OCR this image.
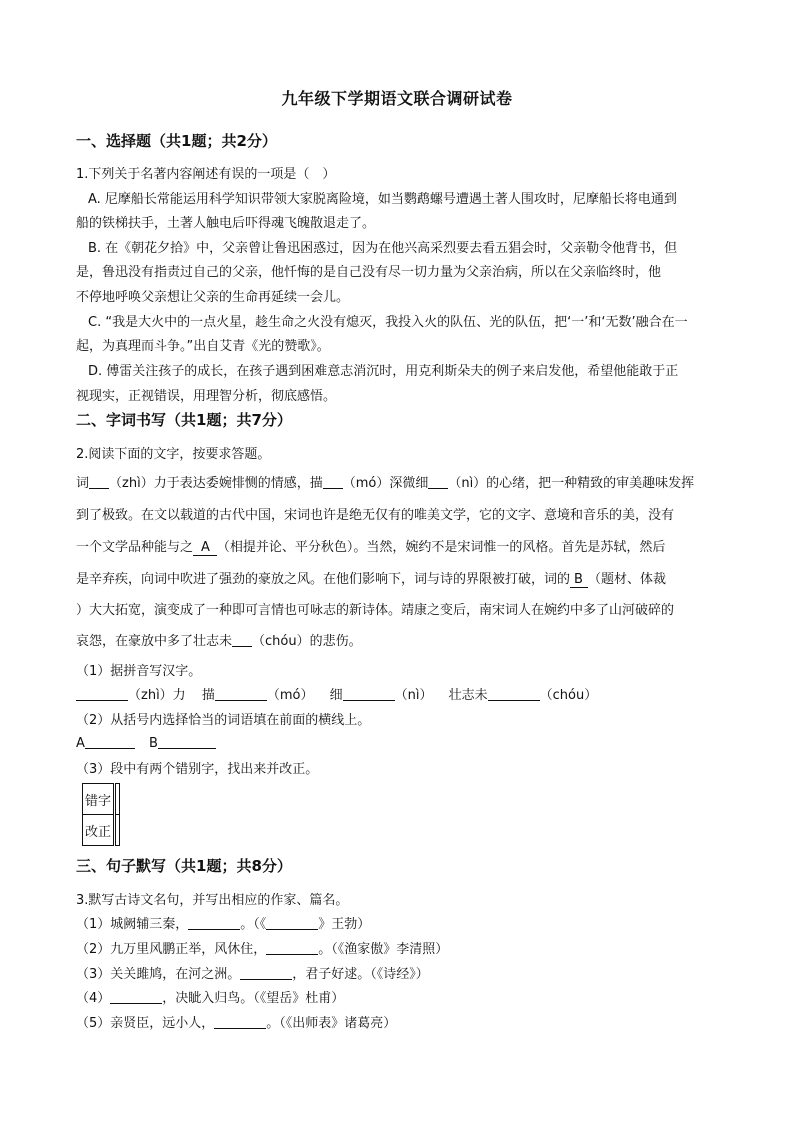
九年级下学期语文联合调研试卷
一、选择题（共1题；共2分）
1.下列关于名著内容阐述有误的一项是（　）
A. 尼摩船长常能运用科学知识带领大家脱离险境，如当鹦鹉螺号遭遇土著人围攻时，尼摩船长将电通到
船的铁梯扶手，土著人触电后吓得魂飞魄散退走了。
B. 在《朝花夕拾》中，父亲曾让鲁迅困惑过，因为在他兴高采烈要去看五猖会时，父亲勒令他背书，但
是，鲁迅没有指责过自己的父亲，他忏悔的是自己没有尽一切力量为父亲治病，所以在父亲临终时，他
不停地呼唤父亲想让父亲的生命再延续一会儿。
C. “我是大火中的一点火星，趁生命之火没有熄灭，我投入火的队伍、光的队伍，把‘一’和‘无数’融合在一
起，为真理而斗争。”出自艾青《光的赞歌》。
D. 傅雷关注孩子的成长，在孩子遇到困难意志消沉时，用克利斯朵夫的例子来启发他，希望他能敢于正
视现实，正视错误，用理智分析，彻底感悟。
二、字词书写（共1题；共7分）
2.阅读下面的文字，按要求答题。
词 （zhì）力于表达委婉悱恻的情感，描 （mó）深微细 （nì）的心绪，把一种精致的审美趣味发挥
到了极致。在文以载道的古代中国，宋词也许是绝无仅有的唯美文学，它的文字、意境和音乐的美，没有
一个文学品种能与之 A （相提并论、平分秋色）。当然，婉约不是宋词惟一的风格。首先是苏轼，然后
是辛弃疾，向词中吹进了强劲的豪放之风。在他们影响下，词与诗的界限被打破，词的 B （题材、体裁
）大大拓宽，演变成了一种即可言情也可咏志的新诗体。靖康之变后，南宋词人在婉约中多了山河破碎的
哀怨，在豪放中多了壮志未 （chóu）的悲伤。
（1）据拼音写汉字。
（zhì）力 描	（mó） 细	（nì） 壮志未	（chóu）
（2）从括号内选择恰当的词语填在前面的横线上。
A	B
（3）段中有两个错别字，找出来并改正。
错字	
改正	
三、句子默写（共1题；共8分）
3.默写古诗文名句，并写出相应的作家、篇名。
（1）城阙辅三秦，	。（《	》王勃）
（2）九万里风鹏正举，风休住，	。（《渔家傲》李清照）
（3）关关雎鸠，在河之洲。	，君子好逑。（《诗经》）
（4）	，决眦入归鸟。（《望岳》杜甫）
（5）亲贤臣，远小人，	。（《出师表》诸葛亮）
